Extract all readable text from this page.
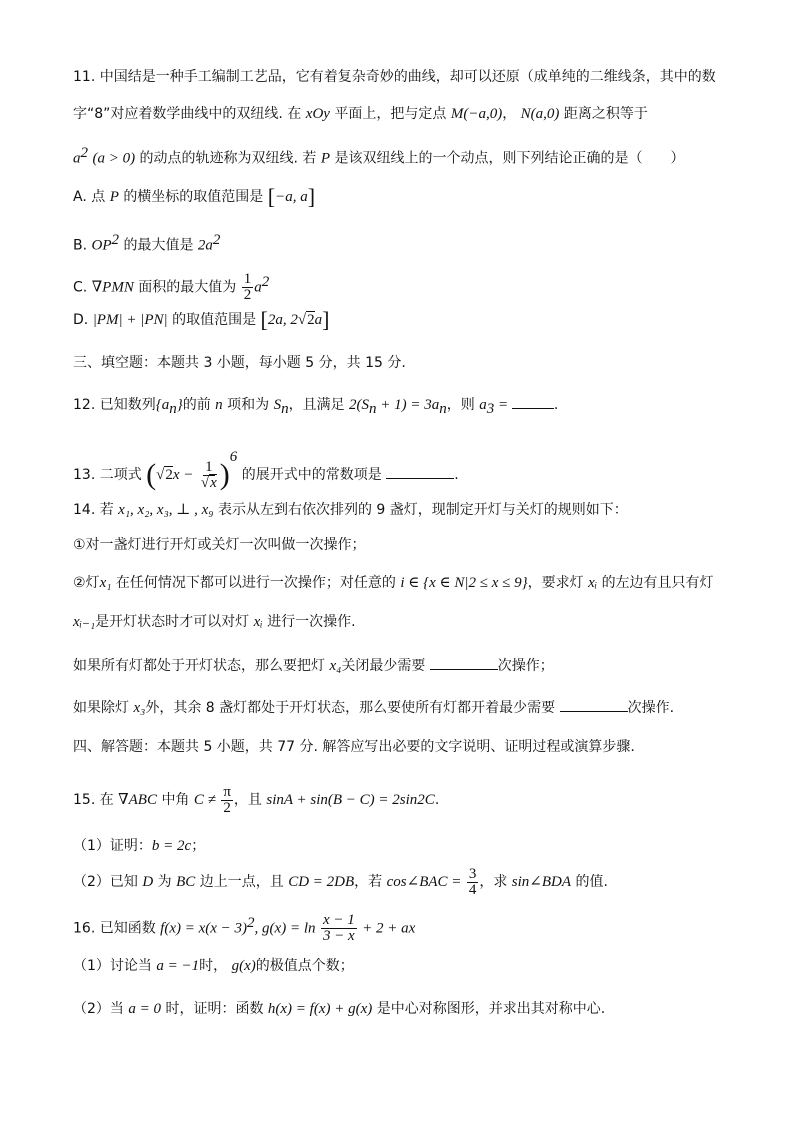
11. 中国结是一种手工编制工艺品，它有着复杂奇妙的曲线，却可以还原（成单纯的二维线条，其中的数
字“8”对应着数学曲线中的双纽线. 在 xOy 平面上，把与定点 M(−a,0)， N(a,0) 距离之积等于
$a^2$ (a > 0) 的动点的轨迹称为双纽线. 若 P 是该双纽线上的一个动点，则下列结论正确的是（　　）
A. 点 P 的横坐标的取值范围是 [−a, a]
B. $OP^2$ 的最大值是 $2a^2$
C. ∇PMN 面积的最大值为 $\frac{1}{2} a^2$
D. |PM| + |PN| 的取值范围是 [2a, 2√2a]
三、填空题：本题共 3 小题，每小题 5 分，共 15 分.
12. 已知数列$\{a_n\}$的前 n 项和为 $S_n$，且满足 $2(S_n + 1) = 3a_n$，则 $a_3$ =	.
13. 二项式 $(√2x - \frac{1}{√x} )^6$ 的展开式中的常数项是	.
14. 若 x₁, x₂, x₃, ⊥ , x₉ 表示从左到右依次排列的 9 盏灯，现制定开灯与关灯的规则如下：
①对一盏灯进行开灯或关灯一次叫做一次操作；
②灯x₁ 在任何情况下都可以进行一次操作；对任意的 i ∈ {x ∈ N|2 ≤ x ≤ 9}，要求灯 xᵢ 的左边有且只有灯
xᵢ₋₁是开灯状态时才可以对灯 xᵢ 进行一次操作.
如果所有灯都处于开灯状态，那么要把灯 x₄关闭最少需要	次操作；
如果除灯 x₃外，其余 8 盏灯都处于开灯状态，那么要使所有灯都开着最少需要	次操作.
四、解答题：本题共 5 小题，共 77 分. 解答应写出必要的文字说明、证明过程或演算步骤.
15. 在 ∇ABC 中角 $C \ne \frac{\pi}{2}$ ，且 sinA + sin(B − C) = 2sin2C.
（1）证明：b = 2c；
（2）已知 D 为 BC 边上一点，且 CD = 2DB，若 cos∠BAC = $\frac{3}{4}$ ，求 sin∠BDA 的值.
16. 已知函数 $f(x) = x(x - 3)^2$, $g(x) = \ln \frac{x - 1}{3 - x} + 2$ + ax
（1）讨论当 a = −1时， g(x)的极值点个数；
（2）当 a = 0 时，证明：函数 h(x) = f(x) + g(x) 是中心对称图形，并求出其对称中心.
